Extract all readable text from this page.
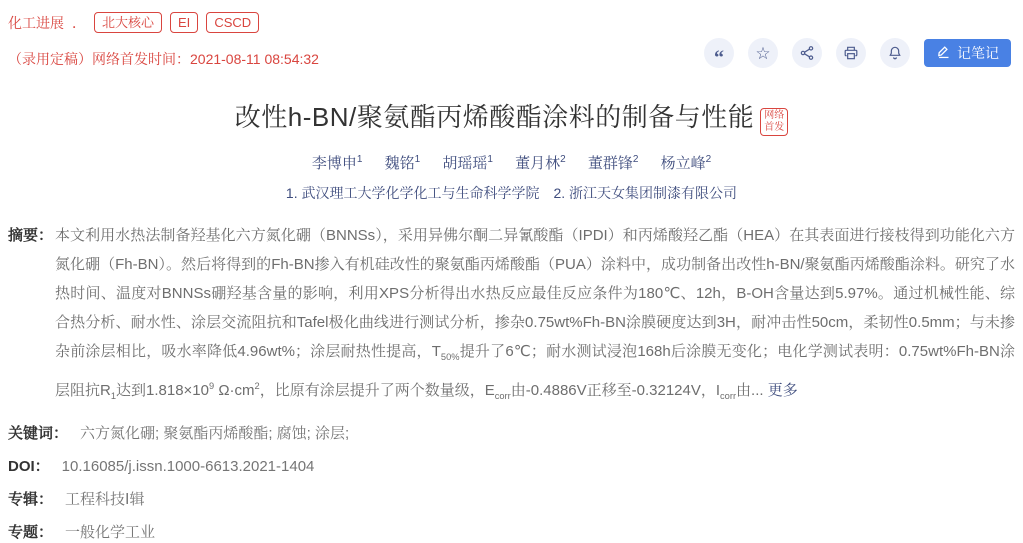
化工进展 ．	北大核心	EI	CSCD
（录用定稿）网络首发时间：2021-08-11 08:54:32	“ ☆	记笔记
改性h-BN/聚氨酯丙烯酸酯涂料的制备与性能 网络
首发
李博申$^1$ 魏铭$^1$ 胡瑶瑶$^1$ 董月林$^2$ 董群锋$^2$ 杨立峰$^2$
1. 武汉理工大学化学化工与生命科学学院　2. 浙江天女集团制漆有限公司
摘要： 本文利用水热法制备羟基化六方氮化硼（BNNSs），采用异佛尔酮二异氰酸酯（IPDI）和丙烯酸羟乙酯（HEA）在其表面进行接枝得到功能化六方氮化硼（Fh-BN）。然后将得到的Fh-BN掺入有机硅改性的聚氨酯丙烯酸酯（PUA）涂料中，成功制备出改性h-BN/聚氨酯丙烯酸酯涂料。研究了水热时间、温度对BNNSs硼羟基含量的影响，利用XPS分析得出水热反应最佳反应条件为180℃、12h，B-OH含量达到5.97%。通过机械性能、综合热分析、耐水性、涂层交流阻抗和Tafel极化曲线进行测试分析，掺杂0.75wt%Fh-BN涂膜硬度达到3H，耐冲击性50cm，柔韧性0.5mm；与未掺杂前涂层相比，吸水率降低4.96wt%；涂层耐热性提高，$T_{50\%}$提升了6℃；耐水测试浸泡168h后涂膜无变化；电化学测试表明：0.75wt%Fh-BN涂层阻抗$R_1$达到$1.818\times 10^9$ $\Omega\cdot cm^2$，比原有涂层提升了两个数量级，$E_{corr}$由-0.4886V正移至-0.32124V，$I_{corr}$由... 更多

关键词： 六方氮化硼; 聚氨酯丙烯酸酯; 腐蚀; 涂层;
DOI： 10.16085/j.issn.1000-6613.2021-1404
专辑： 工程科技Ⅰ辑
专题： 一般化学工业
